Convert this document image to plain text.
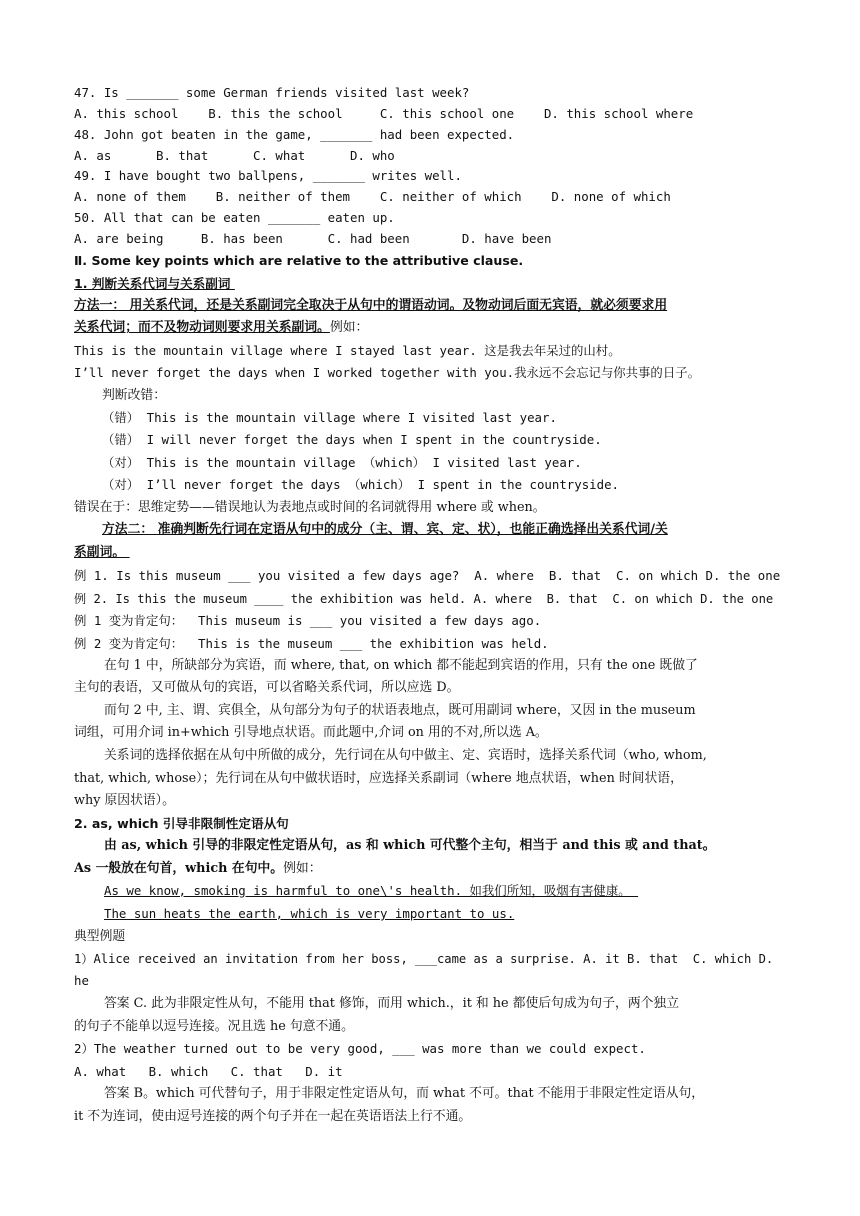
47. Is _______ some German friends visited last week?
A. this school    B. this the school     C. this school one    D. this school where
48. John got beaten in the game, _______ had been expected.
A. as      B. that      C. what      D. who
49. I have bought two ballpens, _______ writes well.
A. none of them    B. neither of them    C. neither of which    D. none of which
50. All that can be eaten _______ eaten up.
A. are being     B. has been      C. had been       D. have been
Ⅱ. Some key points which are relative to the attributive clause.
1. 判断关系代词与关系副词
方法一： 用关系代词，还是关系副词完全取决于从句中的谓语动词。及物动词后面无宾语，就必须要求用
关系代词；而不及物动词则要求用关系副词。例如：
This is the mountain village where I stayed last year. 这是我去年呆过的山村。
I’ll never forget the days when I worked together with you.我永远不会忘记与你共事的日子。
判断改错：
（错） This is the mountain village where I visited last year.
（错） I will never forget the days when I spent in the countryside.
（对） This is the mountain village （which） I visited last year.
（对） I’ll never forget the days （which） I spent in the countryside.
错误在于：思维定势——错误地认为表地点或时间的名词就得用 where 或 when。
方法二： 准确判断先行词在定语从句中的成分（主、谓、宾、定、状），也能正确选择出关系代词/关
系副词。
例 1. Is this museum ___ you visited a few days age?  A. where  B. that  C. on which D. the one
例 2. Is this the museum ____ the exhibition was held. A. where  B. that  C. on which D. the one
例 1 变为肯定句：  This museum is ___ you visited a few days ago.
例 2 变为肯定句：  This is the museum ___ the exhibition was held.
在句 1 中，所缺部分为宾语，而 where, that, on which 都不能起到宾语的作用，只有 the one 既做了
主句的表语，又可做从句的宾语，可以省略关系代词，所以应选 D。
而句 2 中, 主、谓、宾俱全，从句部分为句子的状语表地点，既可用副词 where，又因 in the museum
词组，可用介词 in+which 引导地点状语。而此题中,介词 on 用的不对,所以选 A。
关系词的选择依据在从句中所做的成分，先行词在从句中做主、定、宾语时，选择关系代词（who, whom,
that, which, whose）；先行词在从句中做状语时，应选择关系副词（where 地点状语，when 时间状语，
why 原因状语）。
2. as, which 引导非限制性定语从句
由 as, which 引导的非限定性定语从句，as 和 which 可代整个主句，相当于 and this 或 and that。
As 一般放在句首，which 在句中。例如：
As we know, smoking is harmful to one\'s health. 如我们所知，吸烟有害健康。
The sun heats the earth, which is very important to us.
典型例题
1）Alice received an invitation from her boss, ___came as a surprise. A. it B. that  C. which D.
he
答案 C. 此为非限定性从句，不能用 that 修饰，而用 which.，it 和 he 都使后句成为句子，两个独立
的句子不能单以逗号连接。况且选 he 句意不通。
2）The weather turned out to be very good, ___ was more than we could expect.
A. what   B. which   C. that   D. it
答案 B。which 可代替句子，用于非限定性定语从句，而 what 不可。that 不能用于非限定性定语从句，
it 不为连词，使由逗号连接的两个句子并在一起在英语语法上行不通。
